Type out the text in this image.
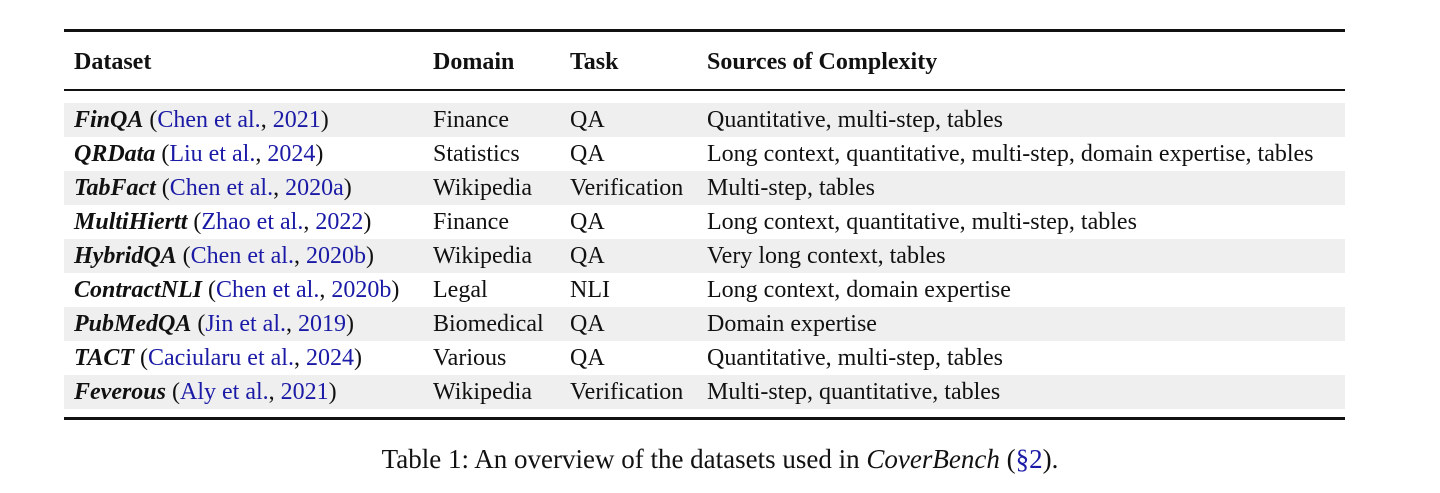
Dataset	Domain	Task	Sources of Complexity

FinQA (Chen et al., 2021)	Finance	QA	Quantitative, multi-step, tables
QRData (Liu et al., 2024)	Statistics	QA	Long context, quantitative, multi-step, domain expertise, tables
TabFact (Chen et al., 2020a)	Wikipedia	Verification	Multi-step, tables
MultiHiertt (Zhao et al., 2022)	Finance	QA	Long context, quantitative, multi-step, tables
HybridQA (Chen et al., 2020b)	Wikipedia	QA	Very long context, tables
ContractNLI (Chen et al., 2020b)	Legal	NLI	Long context, domain expertise
PubMedQA (Jin et al., 2019)	Biomedical	QA	Domain expertise
TACT (Caciularu et al., 2024)	Various	QA	Quantitative, multi-step, tables
Feverous (Aly et al., 2021)	Wikipedia	Verification	Multi-step, quantitative, tables

Table 1: An overview of the datasets used in CoverBench (§2).
